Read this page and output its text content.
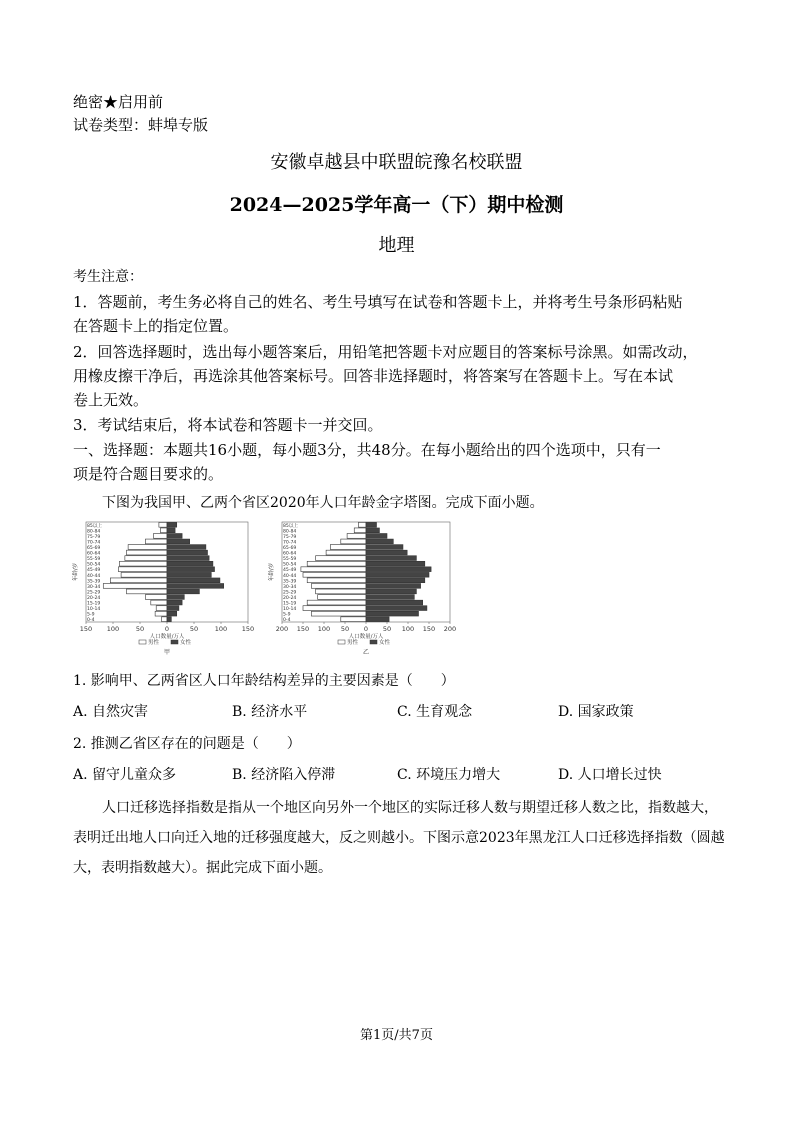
绝密★启用前
试卷类型：蚌埠专版
安徽卓越县中联盟皖豫名校联盟
2024—2025学年高一（下）期中检测
地理
考生注意：
1．答题前，考生务必将自己的姓名、考生号填写在试卷和答题卡上，并将考生号条形码粘贴
在答题卡上的指定位置。
2．回答选择题时，选出每小题答案后，用铅笔把答题卡对应题目的答案标号涂黑。如需改动，
用橡皮擦干净后，再选涂其他答案标号。回答非选择题时，将答案写在答题卡上。写在本试
卷上无效。
3．考试结束后，将本试卷和答题卡一并交回。
一、选择题：本题共16小题，每小题3分，共48分。在每小题给出的四个选项中，只有一
项是符合题目要求的。
下图为我国甲、乙两个省区2020年人口年龄金字塔图。完成下面小题。
0-4
5-9
10-14
15-19
20-24
25-29
30-34
35-39
40-44
45-49
50-54
55-59
60-64
65-69
70-74
75-79
80-84
85以上
150 100	50	0	50	100 150
人口数量/万人
年龄/岁
男性	女性
甲
0-4
5-9
10-14
15-19
20-24
25-29
30-34
35-39
40-44
45-49
50-54
55-59
60-64
65-69
70-74
75-79
80-84
85以上
200 150 100 50 0 50 100 150 200
人口数量/万人
年龄/岁
男性	女性
乙
1. 影响甲、乙两省区人口年龄结构差异的主要因素是（　　）
A. 自然灾害	B. 经济水平	C. 生育观念	D. 国家政策
2. 推测乙省区存在的问题是（　　）
A. 留守儿童众多	B. 经济陷入停滞	C. 环境压力增大	D. 人口增长过快
人口迁移选择指数是指从一个地区向另外一个地区的实际迁移人数与期望迁移人数之比，指数越大，
表明迁出地人口向迁入地的迁移强度越大，反之则越小。下图示意2023年黑龙江人口迁移选择指数（圆越
大，表明指数越大）。据此完成下面小题。
第1页/共7页
